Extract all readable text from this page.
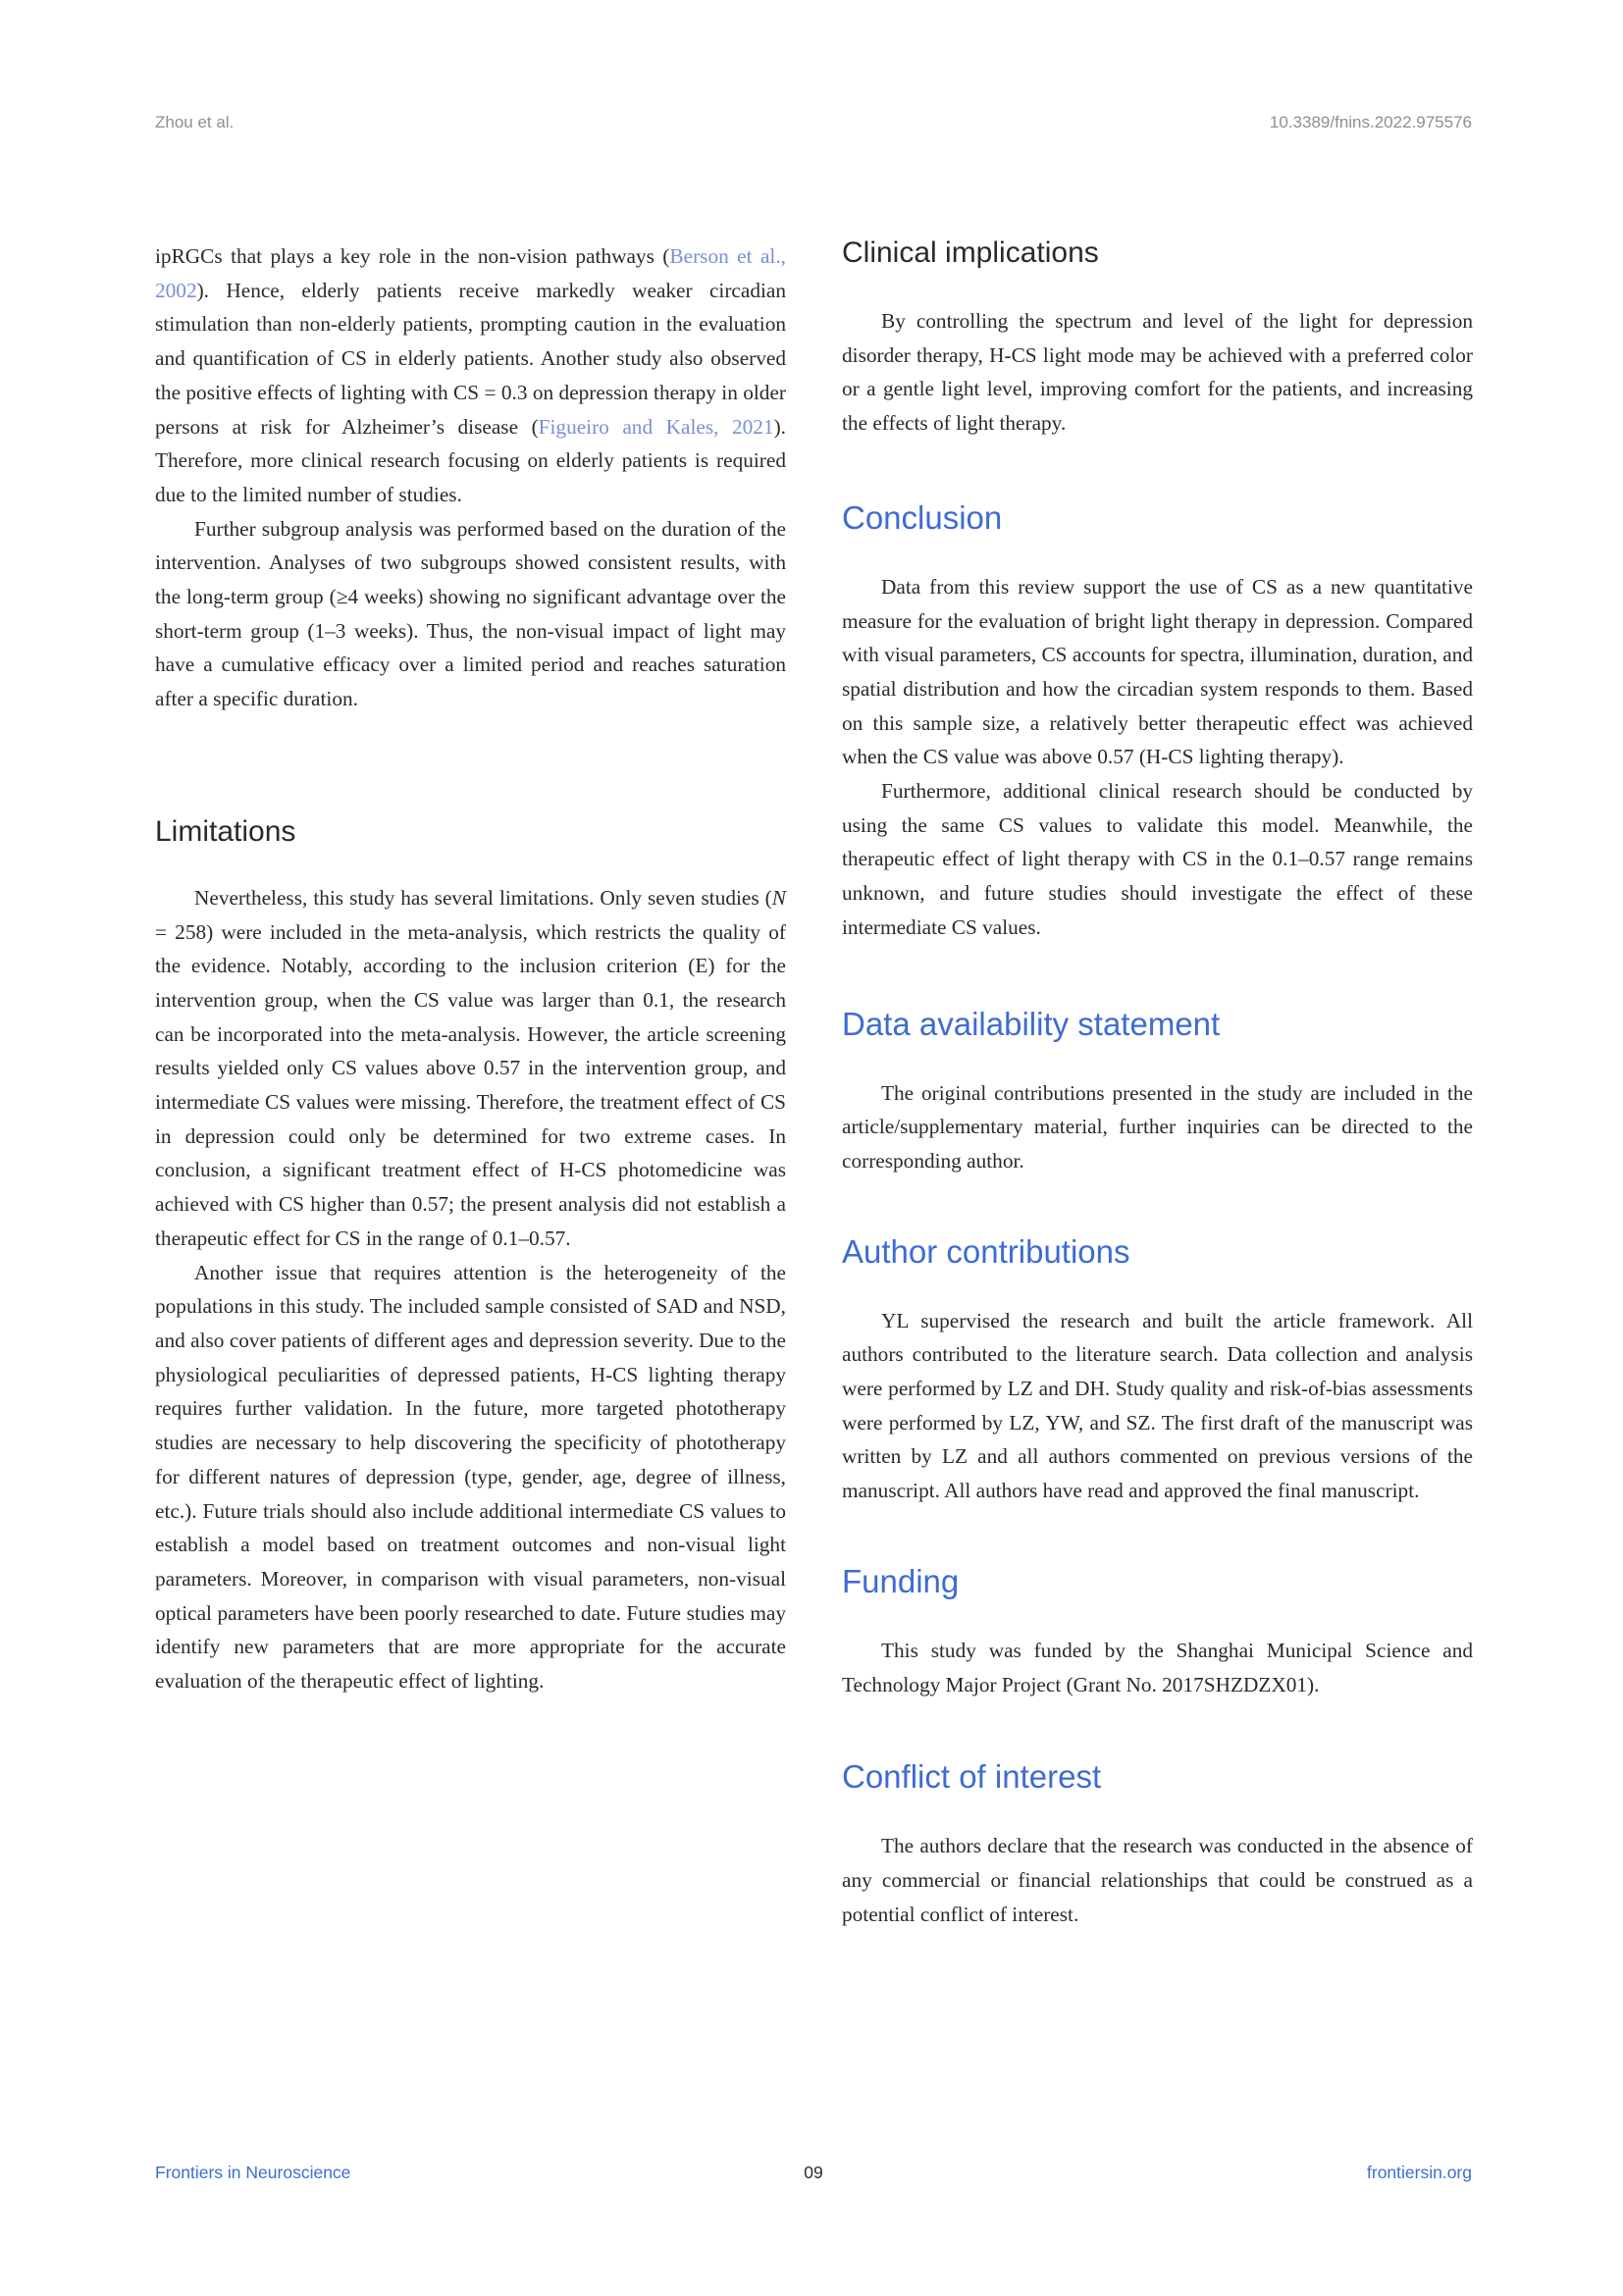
Zhou et al.	10.3389/fnins.2022.975576

ipRGCs that plays a key role in the non-vision pathways (Berson et al., 2002). Hence, elderly patients receive markedly weaker circadian stimulation than non-elderly patients, prompting caution in the evaluation and quantification of CS in elderly patients. Another study also observed the positive effects of lighting with CS = 0.3 on depression therapy in older persons at risk for Alzheimer’s disease (Figueiro and Kales, 2021). Therefore, more clinical research focusing on elderly patients is required due to the limited number of studies.

Further subgroup analysis was performed based on the duration of the intervention. Analyses of two subgroups showed consistent results, with the long-term group (≥4 weeks) showing no significant advantage over the short-term group (1–3 weeks). Thus, the non-visual impact of light may have a cumulative efficacy over a limited period and reaches saturation after a specific duration.

Limitations

Nevertheless, this study has several limitations. Only seven studies (N = 258) were included in the meta-analysis, which restricts the quality of the evidence. Notably, according to the inclusion criterion (E) for the intervention group, when the CS value was larger than 0.1, the research can be incorporated into the meta-analysis. However, the article screening results yielded only CS values above 0.57 in the intervention group, and intermediate CS values were missing. Therefore, the treatment effect of CS in depression could only be determined for two extreme cases. In conclusion, a significant treatment effect of H-CS photomedicine was achieved with CS higher than 0.57; the present analysis did not establish a therapeutic effect for CS in the range of 0.1–0.57.

Another issue that requires attention is the heterogeneity of the populations in this study. The included sample consisted of SAD and NSD, and also cover patients of different ages and depression severity. Due to the physiological peculiarities of depressed patients, H-CS lighting therapy requires further validation. In the future, more targeted phototherapy studies are necessary to help discovering the specificity of phototherapy for different natures of depression (type, gender, age, degree of illness, etc.). Future trials should also include additional intermediate CS values to establish a model based on treatment outcomes and non-visual light parameters. Moreover, in comparison with visual parameters, non-visual optical parameters have been poorly researched to date. Future studies may identify new parameters that are more appropriate for the accurate evaluation of the therapeutic effect of lighting.

Clinical implications

By controlling the spectrum and level of the light for depression disorder therapy, H-CS light mode may be achieved with a preferred color or a gentle light level, improving comfort for the patients, and increasing the effects of light therapy.

Conclusion

Data from this review support the use of CS as a new quantitative measure for the evaluation of bright light therapy in depression. Compared with visual parameters, CS accounts for spectra, illumination, duration, and spatial distribution and how the circadian system responds to them. Based on this sample size, a relatively better therapeutic effect was achieved when the CS value was above 0.57 (H-CS lighting therapy).

Furthermore, additional clinical research should be conducted by using the same CS values to validate this model. Meanwhile, the therapeutic effect of light therapy with CS in the 0.1–0.57 range remains unknown, and future studies should investigate the effect of these intermediate CS values.

Data availability statement

The original contributions presented in the study are included in the article/supplementary material, further inquiries can be directed to the corresponding author.

Author contributions

YL supervised the research and built the article framework. All authors contributed to the literature search. Data collection and analysis were performed by LZ and DH. Study quality and risk-of-bias assessments were performed by LZ, YW, and SZ. The first draft of the manuscript was written by LZ and all authors commented on previous versions of the manuscript. All authors have read and approved the final manuscript.

Funding

This study was funded by the Shanghai Municipal Science and Technology Major Project (Grant No. 2017SHZDZX01).

Conflict of interest

The authors declare that the research was conducted in the absence of any commercial or financial relationships that could be construed as a potential conflict of interest.

Frontiers in Neuroscience	09	frontiersin.org
